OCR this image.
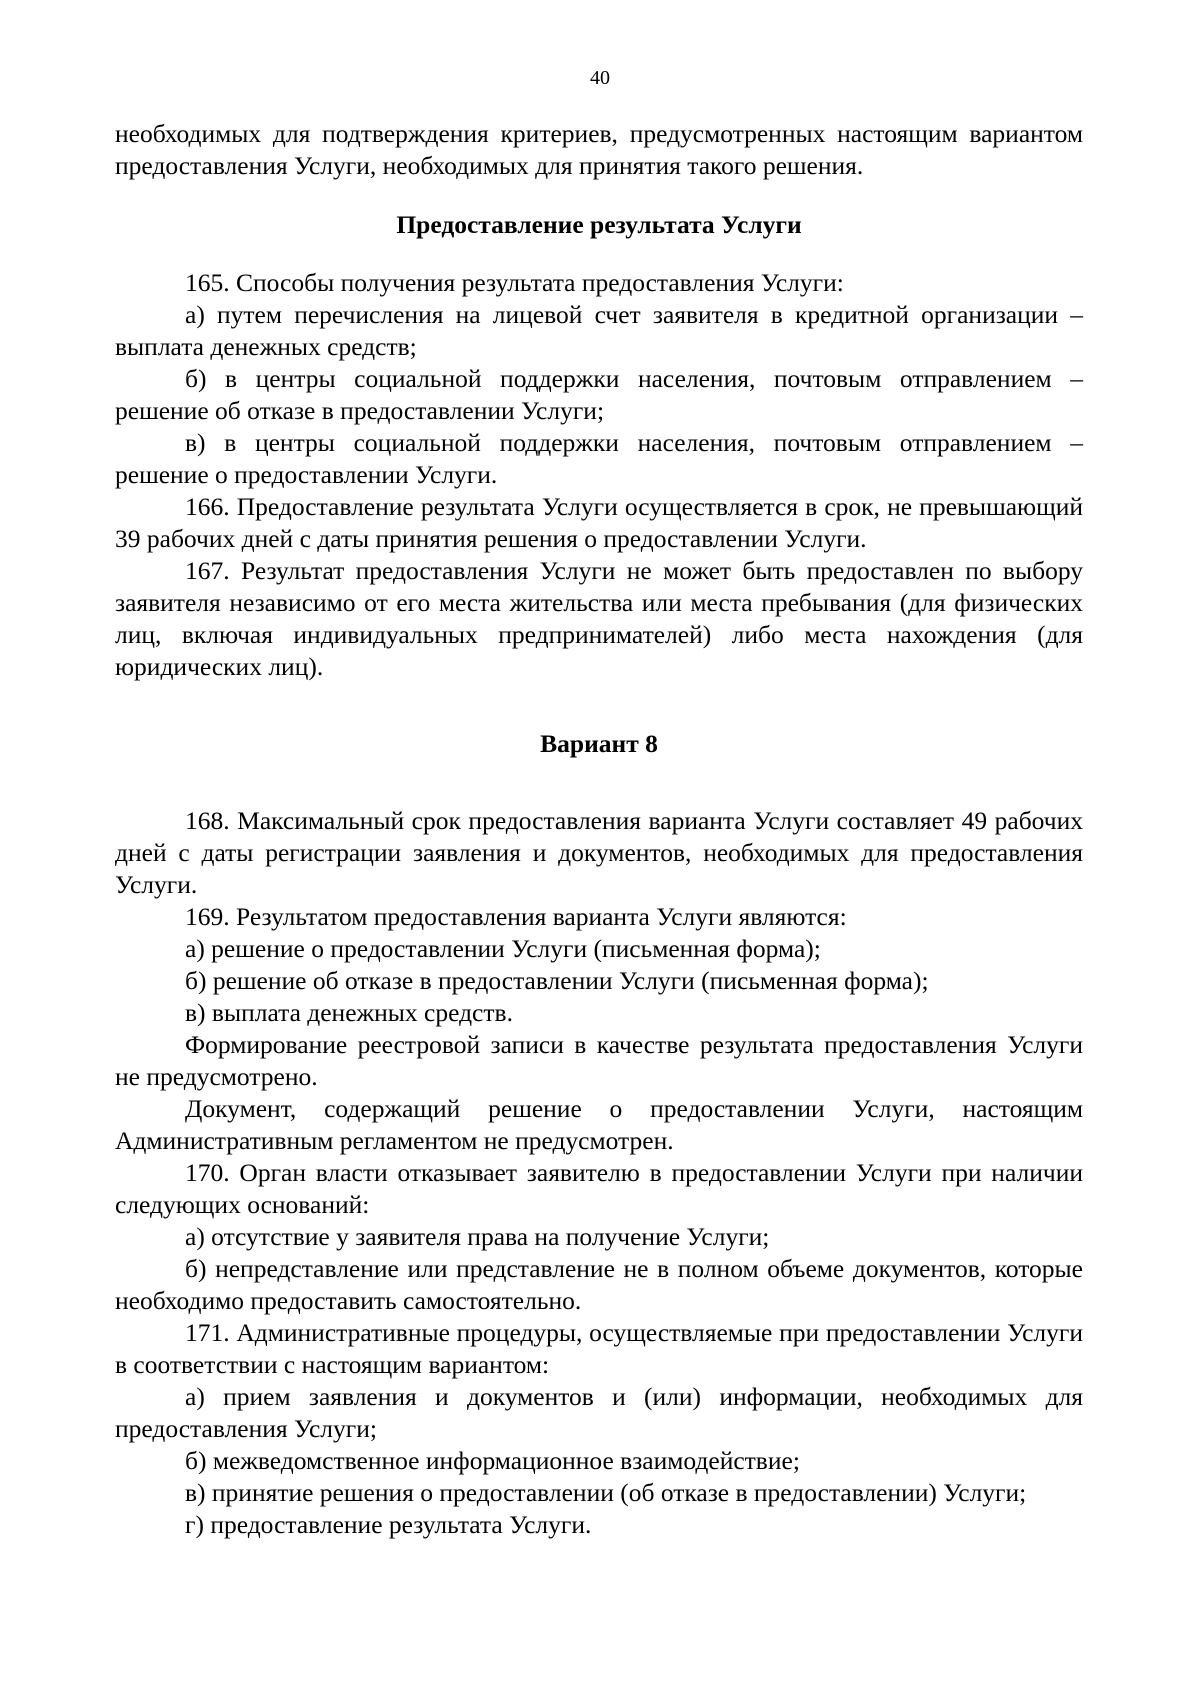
40

необходимых для подтверждения критериев, предусмотренных настоящим вариантом предоставления Услуги, необходимых для принятия такого решения.

Предоставление результата Услуги

165. Способы получения результата предоставления Услуги:

а) путем перечисления на лицевой счет заявителя в кредитной организации – выплата денежных средств;

б) в центры социальной поддержки населения, почтовым отправлением – решение об отказе в предоставлении Услуги;

в) в центры социальной поддержки населения, почтовым отправлением – решение о предоставлении Услуги.

166. Предоставление результата Услуги осуществляется в срок, не превышающий 39 рабочих дней с даты принятия решения о предоставлении Услуги.

167. Результат предоставления Услуги не может быть предоставлен по выбору заявителя независимо от его места жительства или места пребывания (для физических лиц, включая индивидуальных предпринимателей) либо места нахождения (для юридических лиц).

Вариант 8

168. Максимальный срок предоставления варианта Услуги составляет 49 рабочих дней с даты регистрации заявления и документов, необходимых для предоставления Услуги.

169. Результатом предоставления варианта Услуги являются:

а) решение о предоставлении Услуги (письменная форма);

б) решение об отказе в предоставлении Услуги (письменная форма);

в) выплата денежных средств.

Формирование реестровой записи в качестве результата предоставления Услуги не предусмотрено.

Документ, содержащий решение о предоставлении Услуги, настоящим Административным регламентом не предусмотрен.

170. Орган власти отказывает заявителю в предоставлении Услуги при наличии следующих оснований:

а) отсутствие у заявителя права на получение Услуги;

б) непредставление или представление не в полном объеме документов, которые необходимо предоставить самостоятельно.

171. Административные процедуры, осуществляемые при предоставлении Услуги в соответствии с настоящим вариантом:

а) прием заявления и документов и (или) информации, необходимых для предоставления Услуги;

б) межведомственное информационное взаимодействие;

в) принятие решения о предоставлении (об отказе в предоставлении) Услуги;

г) предоставление результата Услуги.
